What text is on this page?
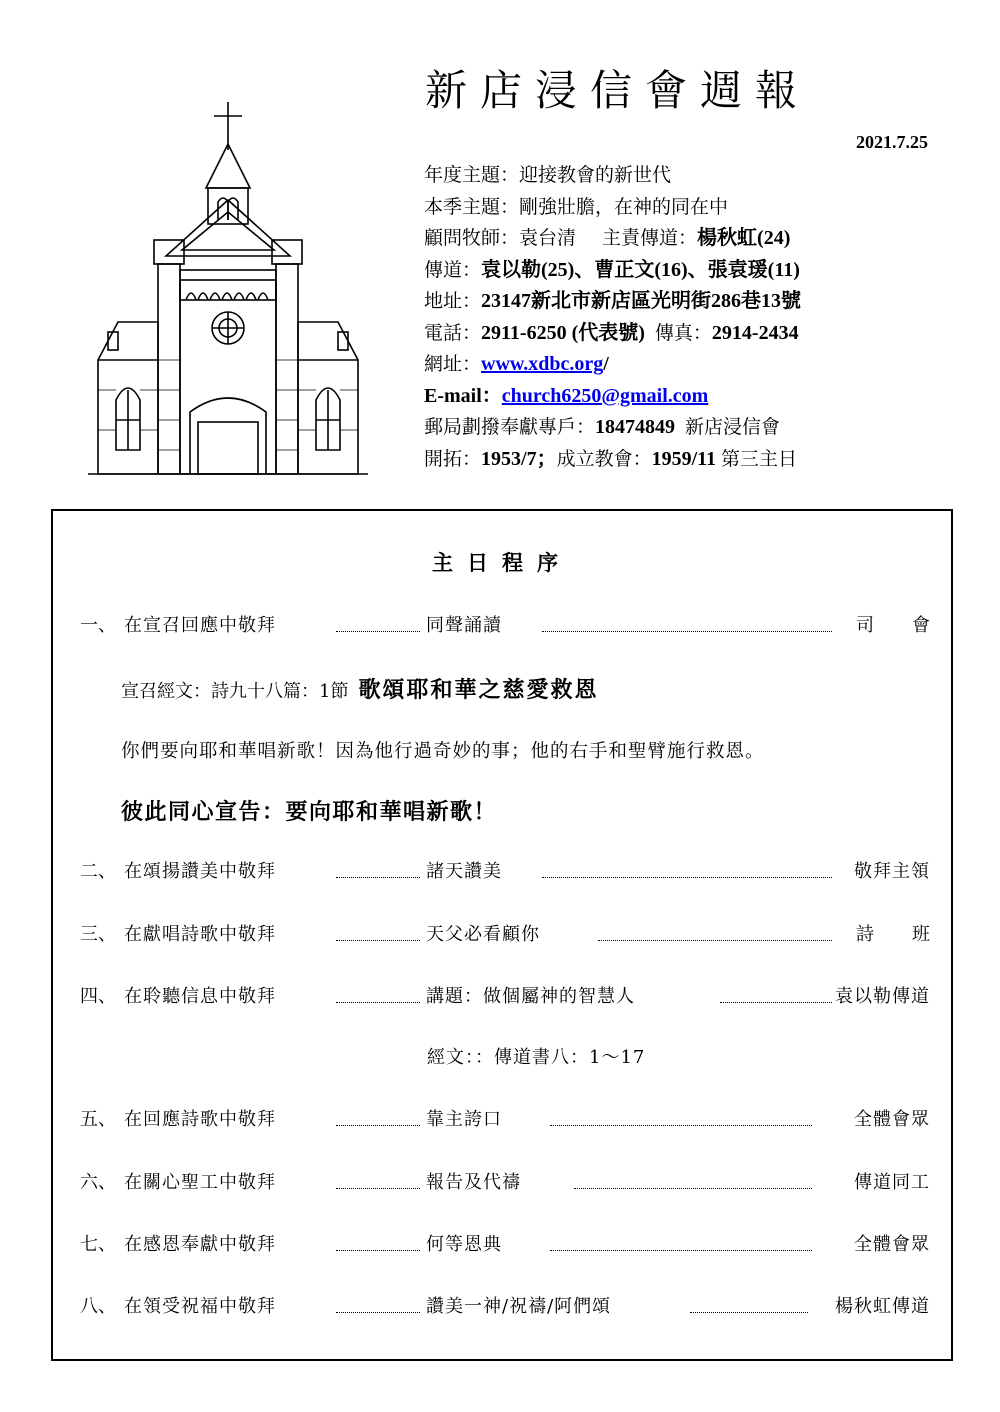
新店浸信會週報
2021.7.25
年度主題：迎接教會的新世代
本季主題：剛強壯膽，在神的同在中
顧問牧師：袁台清 主責傳道：楊秋虹(24)
傳道：袁以勒(25)、曹正文(16)、張袁瑗(11)
地址：23147新北市新店區光明街286巷13號
電話：2911-6250 (代表號) 傳真：2914-2434
網址：www.xdbc.org/
E-mail：church6250@gmail.com
郵局劃撥奉獻專戶：18474849 新店浸信會
開拓：1953/7；成立教會：1959/11 第三主日
主日程序
一、 在宣召回應中敬拜	同聲誦讀	司會
宣召經文：詩九十八篇：1節 歌頌耶和華之慈愛救恩
你們要向耶和華唱新歌！因為他行過奇妙的事；他的右手和聖臂施行救恩。
彼此同心宣告：要向耶和華唱新歌！
二、 在頌揚讚美中敬拜	諸天讚美	敬拜主領
三、 在獻唱詩歌中敬拜	天父必看顧你	詩班
四、 在聆聽信息中敬拜	講題：做個屬神的智慧人	袁以勒傳道
經文：：傳道書八：1～17
五、 在回應詩歌中敬拜	靠主誇口	全體會眾
六、 在關心聖工中敬拜	報告及代禱	傳道同工
七、 在感恩奉獻中敬拜	何等恩典	全體會眾
八、 在領受祝福中敬拜	讚美一神/祝禱/阿們頌	楊秋虹傳道
